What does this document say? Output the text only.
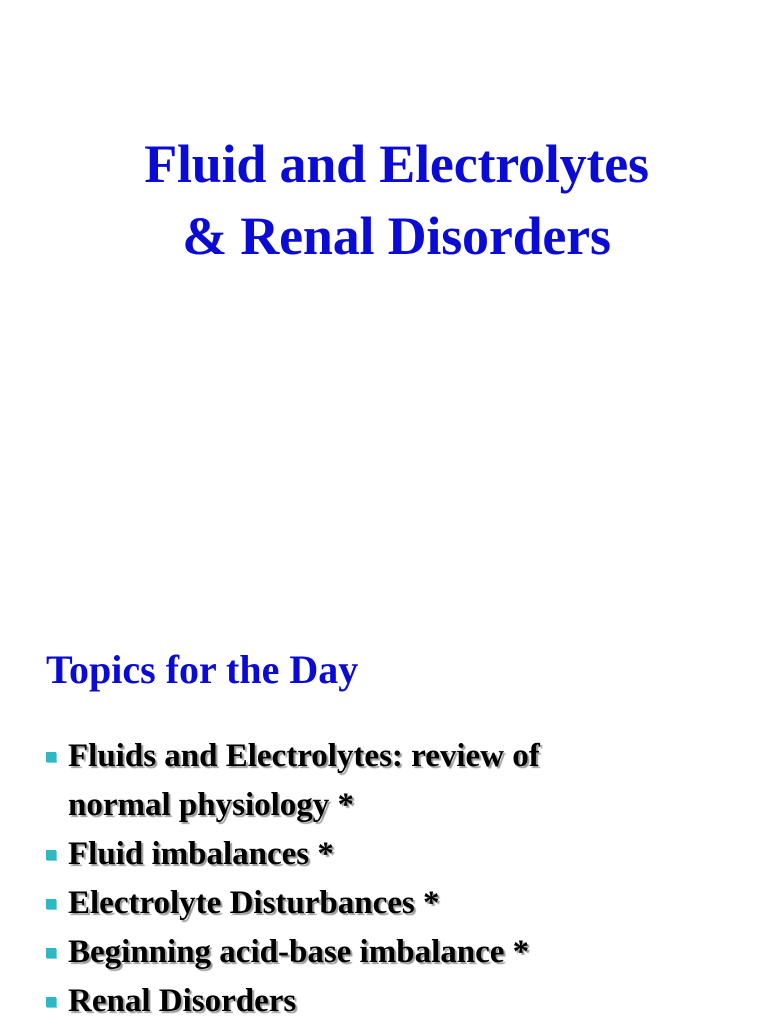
Fluid and Electrolytes
& Renal Disorders
Topics for the Day
Fluids and Electrolytes: review of
normal physiology *
Fluid imbalances *
Electrolyte Disturbances *
Beginning acid-base imbalance *
Renal Disorders
